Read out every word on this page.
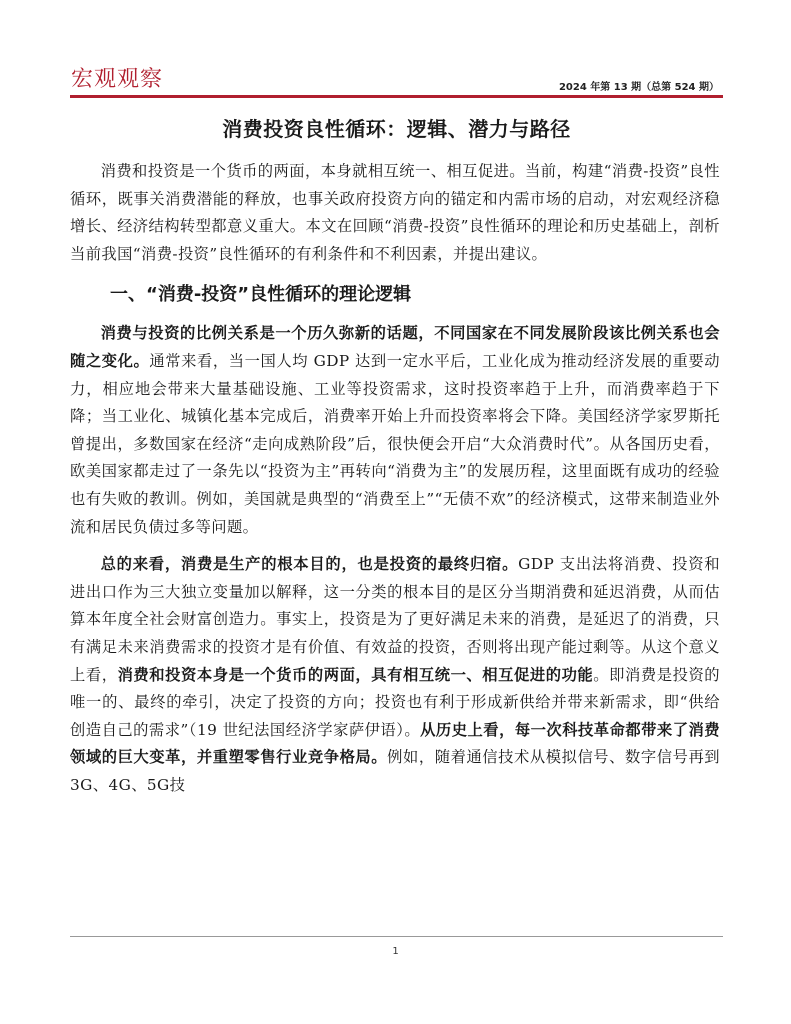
宏观观察	2024 年第 13 期（总第 524 期）
消费投资良性循环：逻辑、潜力与路径

消费和投资是一个货币的两面，本身就相互统一、相互促进。当前，构建“消费-投资”良性循环，既事关消费潜能的释放，也事关政府投资方向的锚定和内需市场的启动，对宏观经济稳增长、经济结构转型都意义重大。本文在回顾“消费-投资”良性循环的理论和历史基础上，剖析当前我国“消费-投资”良性循环的有利条件和不利因素，并提出建议。

一、“消费-投资”良性循环的理论逻辑

消费与投资的比例关系是一个历久弥新的话题，不同国家在不同发展阶段该比例关系也会随之变化。通常来看，当一国人均 GDP 达到一定水平后，工业化成为推动经济发展的重要动力，相应地会带来大量基础设施、工业等投资需求，这时投资率趋于上升，而消费率趋于下降；当工业化、城镇化基本完成后，消费率开始上升而投资率将会下降。美国经济学家罗斯托曾提出，多数国家在经济“走向成熟阶段”后，很快便会开启“大众消费时代”。从各国历史看，欧美国家都走过了一条先以“投资为主”再转向“消费为主”的发展历程，这里面既有成功的经验也有失败的教训。例如，美国就是典型的“消费至上”“无债不欢”的经济模式，这带来制造业外流和居民负债过多等问题。

总的来看，消费是生产的根本目的，也是投资的最终归宿。GDP 支出法将消费、投资和进出口作为三大独立变量加以解释，这一分类的根本目的是区分当期消费和延迟消费，从而估算本年度全社会财富创造力。事实上，投资是为了更好满足未来的消费，是延迟了的消费，只有满足未来消费需求的投资才是有价值、有效益的投资，否则将出现产能过剩等。从这个意义上看，消费和投资本身是一个货币的两面，具有相互统一、相互促进的功能。即消费是投资的唯一的、最终的牵引，决定了投资的方向；投资也有利于形成新供给并带来新需求，即“供给创造自己的需求”（19 世纪法国经济学家萨伊语）。从历史上看，每一次科技革命都带来了消费领域的巨大变革，并重塑零售行业竞争格局。例如，随着通信技术从模拟信号、数字信号再到3G、4G、5G技

1
